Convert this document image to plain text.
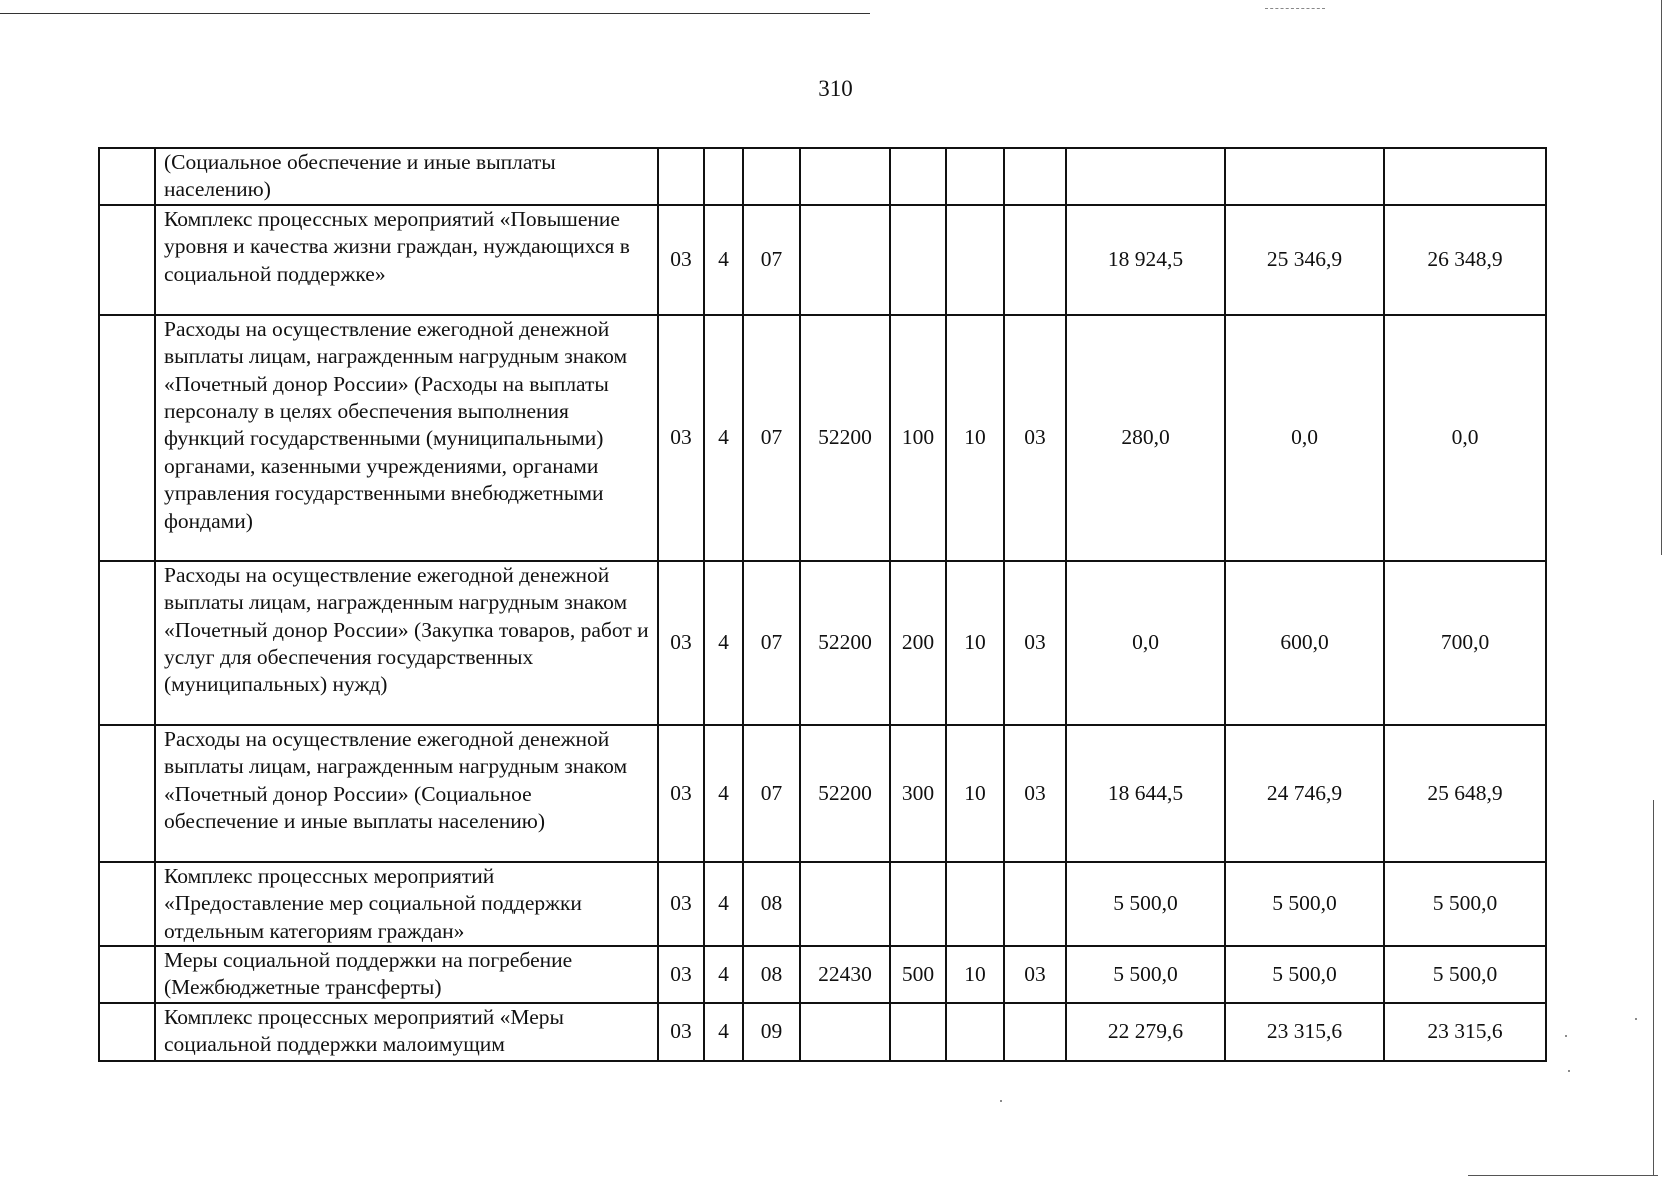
310
	(Социальное обеспечение и иные выплаты населению)										
	Комплекс процессных мероприятий «Повышение уровня и качества жизни граждан, нуждающихся в социальной поддержке»	03	4	07					18 924,5	25 346,9	26 348,9
	Расходы на осуществление ежегодной денежной выплаты лицам, награжденным нагрудным знаком «Почетный донор России» (Расходы на выплаты персоналу в целях обеспечения выполнения функций государственными (муниципальными) органами, казенными учреждениями, органами управления государственными внебюджетными фондами)	03	4	07	52200	100	10	03	280,0	0,0	0,0
	Расходы на осуществление ежегодной денежной выплаты лицам, награжденным нагрудным знаком «Почетный донор России» (Закупка товаров, работ и услуг для обеспечения государственных (муниципальных) нужд)	03	4	07	52200	200	10	03	0,0	600,0	700,0
	Расходы на осуществление ежегодной денежной выплаты лицам, награжденным нагрудным знаком «Почетный донор России» (Социальное обеспечение и иные выплаты населению)	03	4	07	52200	300	10	03	18 644,5	24 746,9	25 648,9
	Комплекс процессных мероприятий «Предоставление мер социальной поддержки отдельным категориям граждан»	03	4	08					5 500,0	5 500,0	5 500,0
	Меры социальной поддержки на погребение (Межбюджетные трансферты)	03	4	08	22430	500	10	03	5 500,0	5 500,0	5 500,0
	Комплекс процессных мероприятий «Меры социальной поддержки малоимущим	03	4	09					22 279,6	23 315,6	23 315,6
